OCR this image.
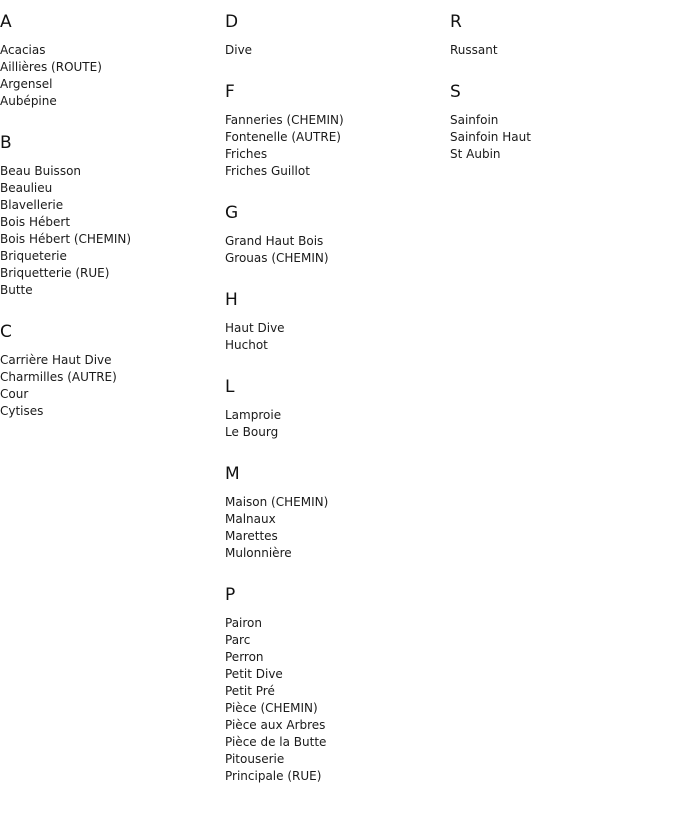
A
Acacias
Aillières (ROUTE)
Argensel
Aubépine
B
Beau Buisson
Beaulieu
Blavellerie
Bois Hébert
Bois Hébert (CHEMIN)
Briqueterie
Briquetterie (RUE)
Butte
C
Carrière Haut Dive
Charmilles (AUTRE)
Cour
Cytises
D
Dive
F
Fanneries (CHEMIN)
Fontenelle (AUTRE)
Friches
Friches Guillot
G
Grand Haut Bois
Grouas (CHEMIN)
H
Haut Dive
Huchot
L
Lamproie
Le Bourg
M
Maison (CHEMIN)
Malnaux
Marettes
Mulonnière
P
Pairon
Parc
Perron
Petit Dive
Petit Pré
Pièce (CHEMIN)
Pièce aux Arbres
Pièce de la Butte
Pitouserie
Principale (RUE)
R
Russant
S
Sainfoin
Sainfoin Haut
St Aubin
